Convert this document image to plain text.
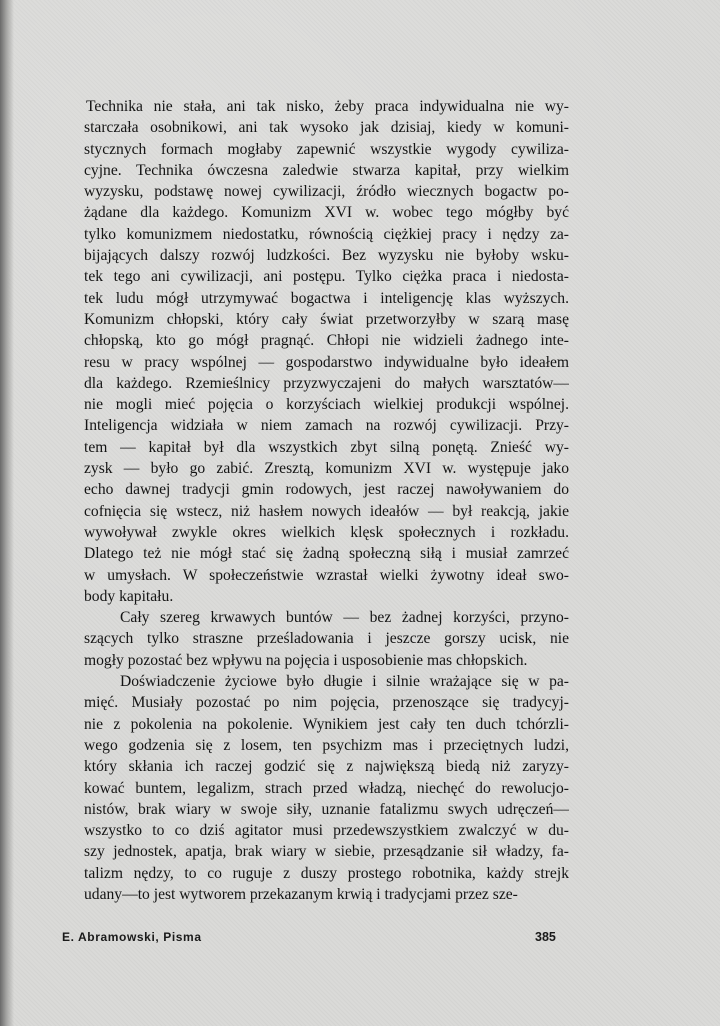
Technika nie stała, ani tak nisko, żeby praca indywidualna nie wy-
starczała osobnikowi, ani tak wysoko jak dzisiaj, kiedy w komuni-
stycznych formach mogłaby zapewnić wszystkie wygody cywiliza-
cyjne. Technika ówczesna zaledwie stwarza kapitał, przy wielkim
wyzysku, podstawę nowej cywilizacji, źródło wiecznych bogactw po-
żądane dla każdego. Komunizm XVI w. wobec tego mógłby być
tylko komunizmem niedostatku, równością ciężkiej pracy i nędzy za-
bijających dalszy rozwój ludzkości. Bez wyzysku nie byłoby wsku-
tek tego ani cywilizacji, ani postępu. Tylko ciężka praca i niedosta-
tek ludu mógł utrzymywać bogactwa i inteligencję klas wyższych.
Komunizm chłopski, który cały świat przetworzyłby w szarą masę
chłopską, kto go mógł pragnąć. Chłopi nie widzieli żadnego inte-
resu w pracy wspólnej — gospodarstwo indywidualne było ideałem
dla każdego. Rzemieślnicy przyzwyczajeni do małych warsztatów—
nie mogli mieć pojęcia o korzyściach wielkiej produkcji wspólnej.
Inteligencja widziała w niem zamach na rozwój cywilizacji. Przy-
tem — kapitał był dla wszystkich zbyt silną ponętą. Znieść wy-
zysk — było go zabić. Zresztą, komunizm XVI w. występuje jako
echo dawnej tradycji gmin rodowych, jest raczej nawoływaniem do
cofnięcia się wstecz, niż hasłem nowych ideałów — był reakcją, jakie
wywoływał zwykle okres wielkich klęsk społecznych i rozkładu.
Dlatego też nie mógł stać się żadną społeczną siłą i musiał zamrzeć
w umysłach. W społeczeństwie wzrastał wielki żywotny ideał swo-
body kapitału.
Cały szereg krwawych buntów — bez żadnej korzyści, przyno-
szących tylko straszne prześladowania i jeszcze gorszy ucisk, nie
mogły pozostać bez wpływu na pojęcia i usposobienie mas chłopskich.
Doświadczenie życiowe było długie i silnie wrażające się w pa-
mięć. Musiały pozostać po nim pojęcia, przenoszące się tradycyj-
nie z pokolenia na pokolenie. Wynikiem jest cały ten duch tchórzli-
wego godzenia się z losem, ten psychizm mas i przeciętnych ludzi,
który skłania ich raczej godzić się z największą biedą niż zaryzy-
kować buntem, legalizm, strach przed władzą, niechęć do rewolucjo-
nistów, brak wiary w swoje siły, uznanie fatalizmu swych udręczeń—
wszystko to co dziś agitator musi przedewszystkiem zwalczyć w du-
szy jednostek, apatja, brak wiary w siebie, przesądzanie sił władzy, fa-
talizm nędzy, to co ruguje z duszy prostego robotnika, każdy strejk
udany—to jest wytworem przekazanym krwią i tradycjami przez sze-
E. Abramowski, Pisma	385
